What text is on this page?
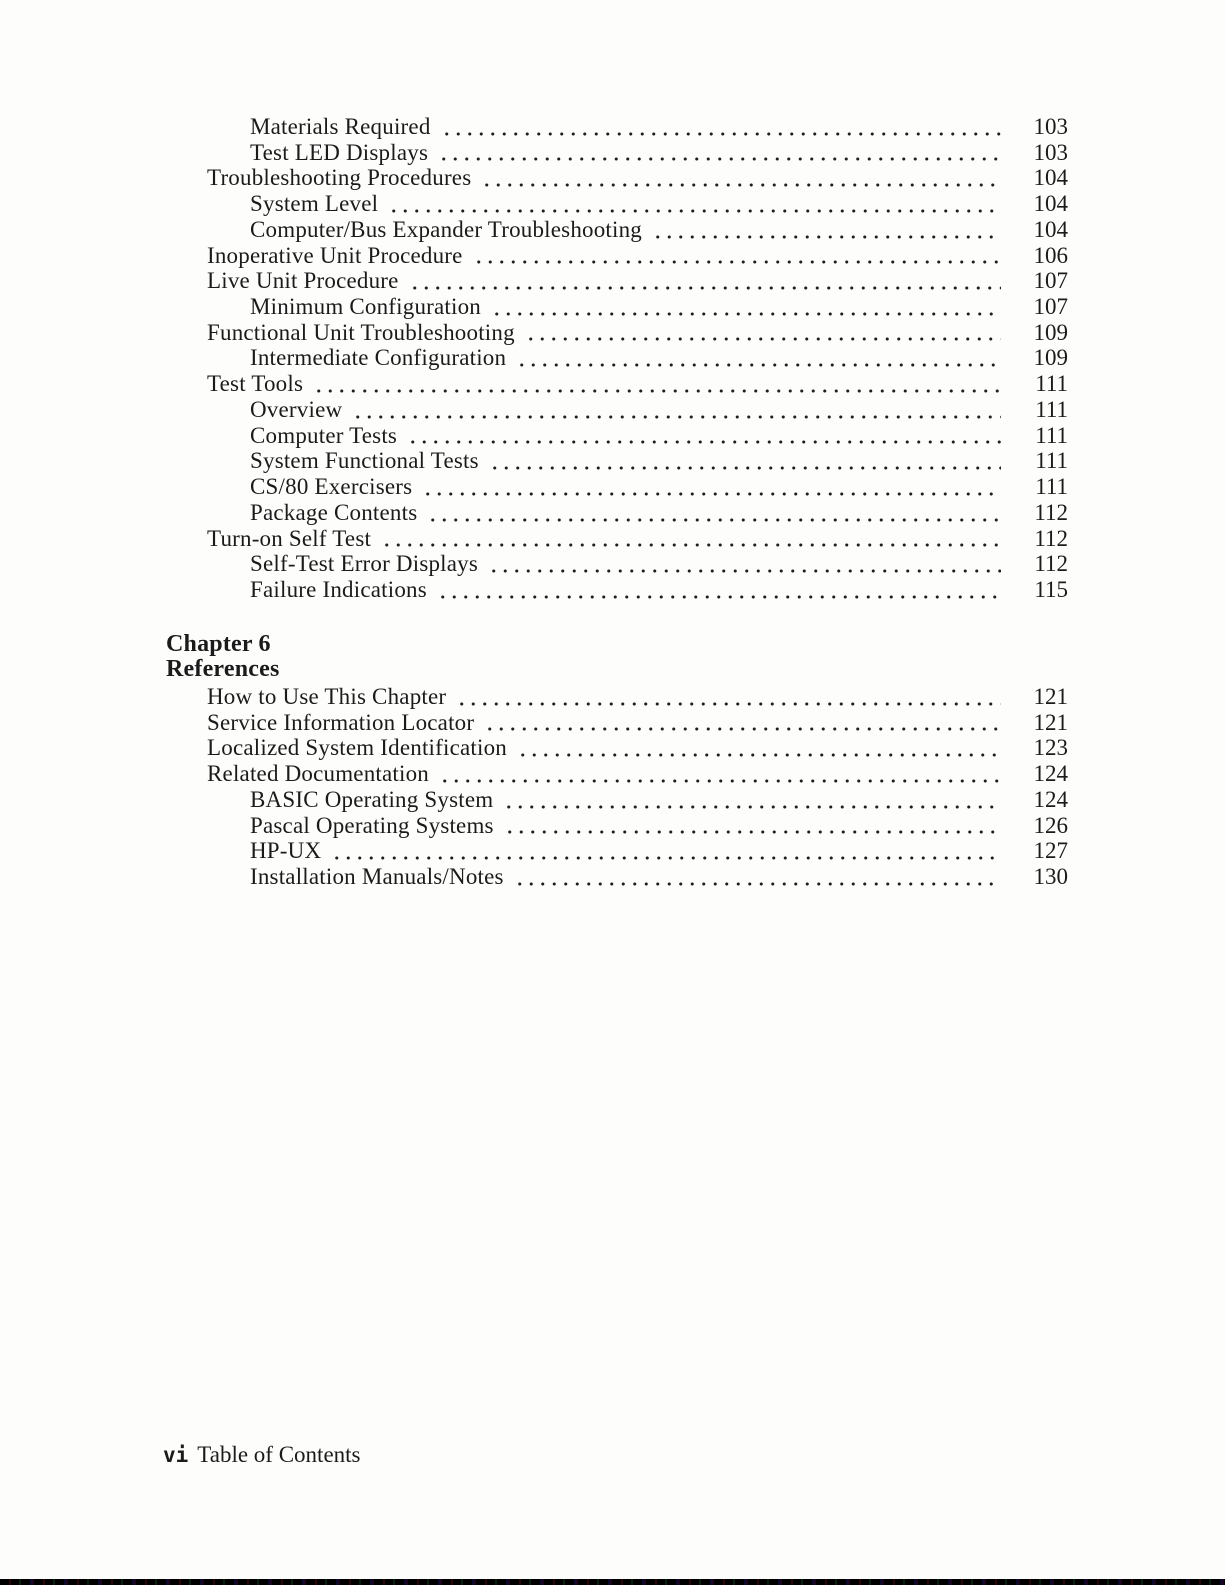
Materials Required	103
Test LED Displays	103
Troubleshooting Procedures	104
System Level	104
Computer/Bus Expander Troubleshooting	104
Inoperative Unit Procedure	106
Live Unit Procedure	107
Minimum Configuration	107
Functional Unit Troubleshooting	109
Intermediate Configuration	109
Test Tools	111
Overview	111
Computer Tests	111
System Functional Tests	111
CS/80 Exercisers	111
Package Contents	112
Turn-on Self Test	112
Self-Test Error Displays	112
Failure Indications	115
Chapter 6
References
How to Use This Chapter	121
Service Information Locator	121
Localized System Identification	123
Related Documentation	124
BASIC Operating System	124
Pascal Operating Systems	126
HP-UX	127
Installation Manuals/Notes	130
vi Table of Contents
